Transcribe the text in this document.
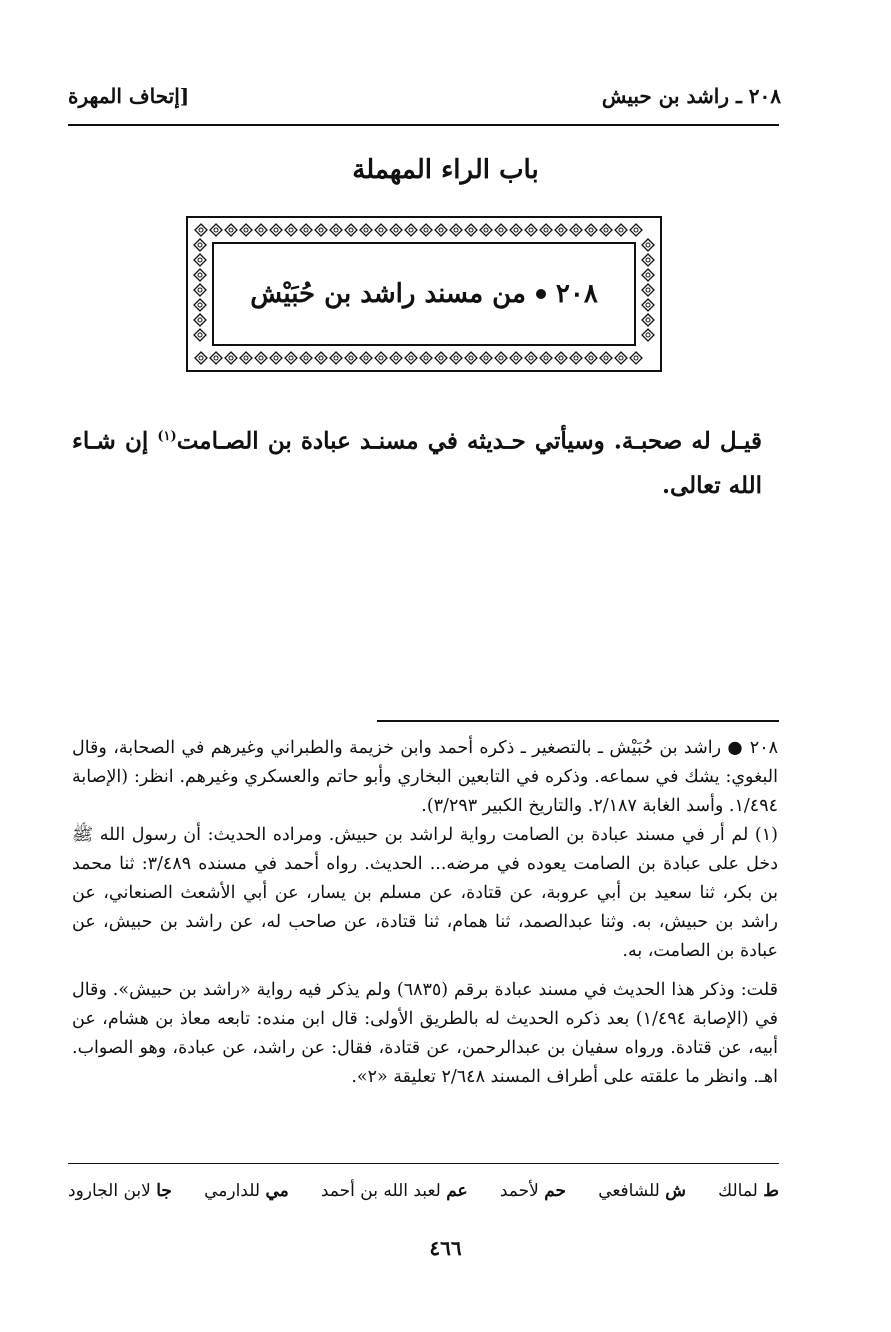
٢٠٨ ـ راشد بن حبيش
[إتحاف المهرة
باب الراء المهملة
٢٠٨
من مسند راشد بن حُبَيْش
قيـل له صحبـة. وسيأتي حـديثه في مسنـد عبادة بن الصـامت$^{(١)}$ إن شـاء الله تعالى.

٢٠٨ ● راشد بن حُبَيْش ـ بالتصغير ـ ذكره أحمد وابن خزيمة والطبراني وغيرهم في الصحابة، وقال البغوي: يشك في سماعه. وذكره في التابعين البخاري وأبو حاتم والعسكري وغيرهم. انظر: (الإصابة ١/٤٩٤. وأسد الغابة ٢/١٨٧. والتاريخ الكبير ٣/٢٩٣).

(١) لم أر في مسند عبادة بن الصامت رواية لراشد بن حبيش. ومراده الحديث: أن رسول الله ﷺ دخل على عبادة بن الصامت يعوده في مرضه... الحديث. رواه أحمد في مسنده ٣/٤٨٩: ثنا محمد بن بكر، ثنا سعيد بن أبي عروبة، عن قتادة، عن مسلم بن يسار، عن أبي الأشعث الصنعاني، عن راشد بن حبيش، به. وثنا عبدالصمد، ثنا همام، ثنا قتادة، عن صاحب له، عن راشد بن حبيش، عن عبادة بن الصامت، به.

قلت: وذكر هذا الحديث في مسند عبادة برقم (٦٨٣٥) ولم يذكر فيه رواية «راشد بن حبيش». وقال في (الإصابة ١/٤٩٤) بعد ذكره الحديث له بالطريق الأولى: قال ابن منده: تابعه معاذ بن هشام، عن أبيه، عن قتادة. ورواه سفيان بن عبدالرحمن، عن قتادة، فقال: عن راشد، عن عبادة، وهو الصواب. اهـ. وانظر ما علقته على أطراف المسند ٢/٦٤٨ تعليقة «٢».

ط لمالك
ش للشافعي
حم لأحمد
عم لعبد الله بن أحمد
مي للدارمي
جا لابن الجارود
٤٦٦
